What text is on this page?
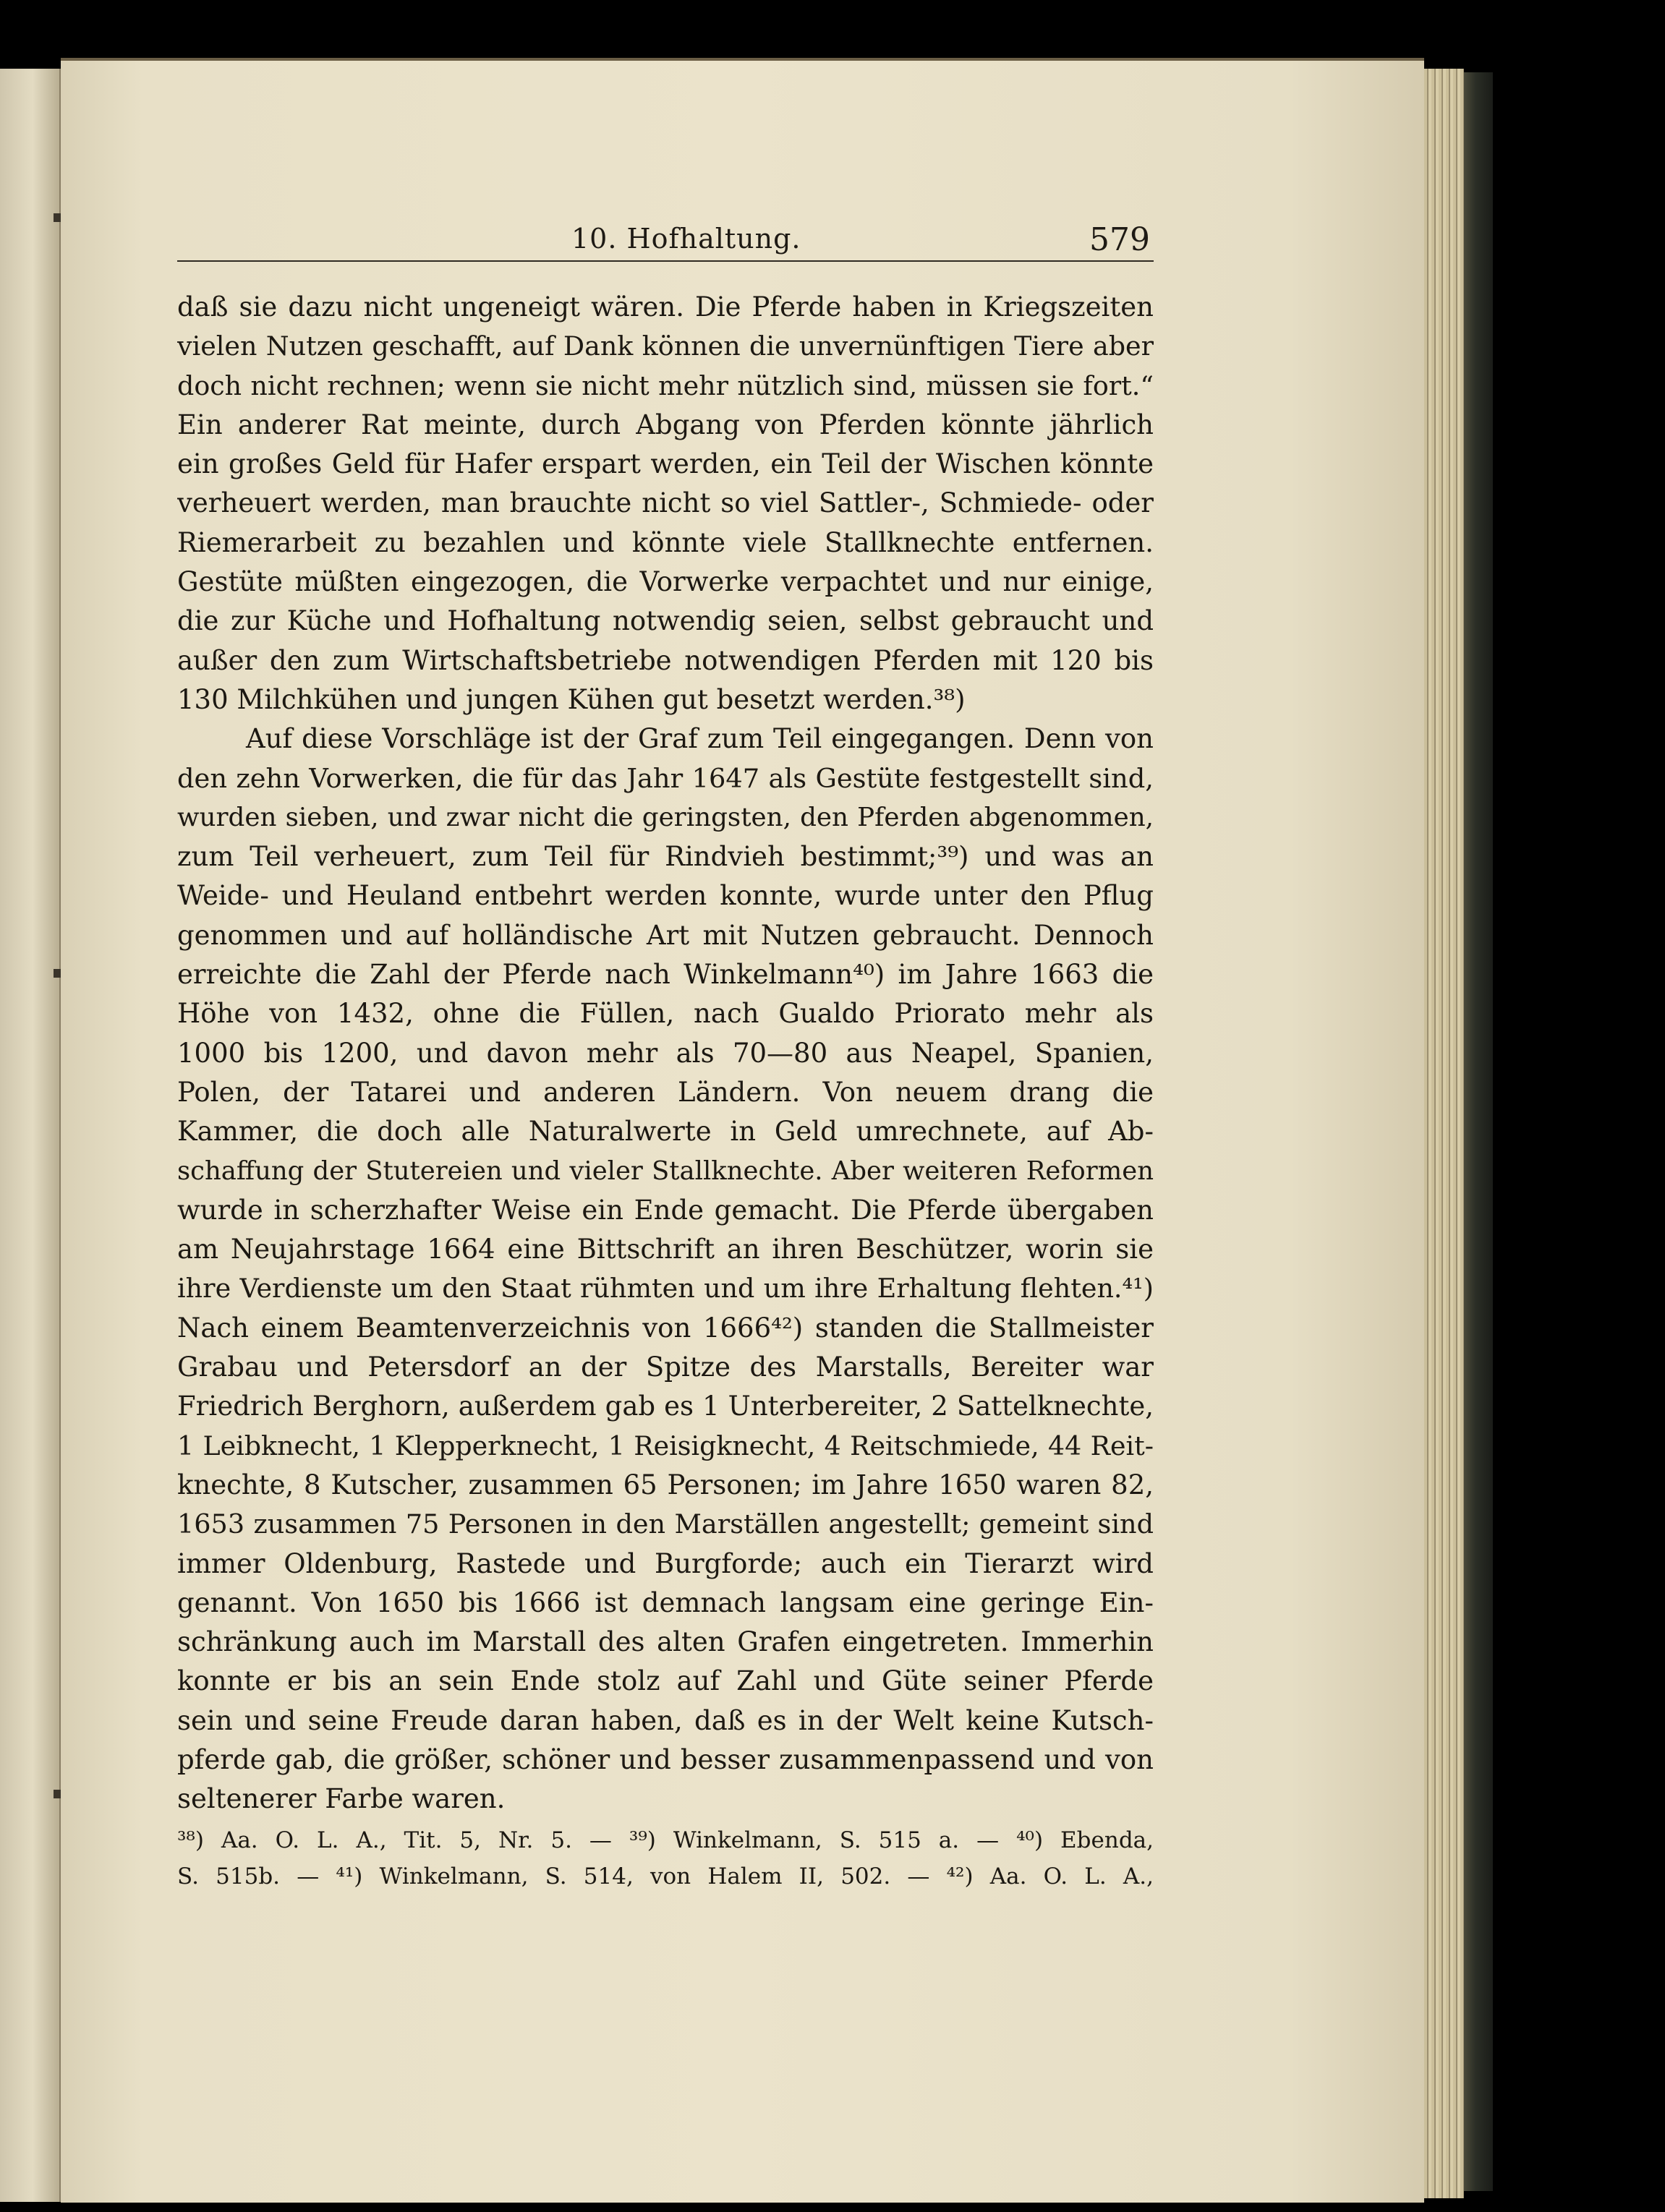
10. Hofhaltung.	579
daß sie dazu nicht ungeneigt wären. Die Pferde haben in Kriegszeiten
vielen Nutzen geschafft, auf Dank können die unvernünftigen Tiere aber
doch nicht rechnen; wenn sie nicht mehr nützlich sind, müssen sie fort.“
Ein anderer Rat meinte, durch Abgang von Pferden könnte jährlich
ein großes Geld für Hafer erspart werden, ein Teil der Wischen könnte
verheuert werden, man brauchte nicht so viel Sattler-, Schmiede- oder
Riemerarbeit zu bezahlen und könnte viele Stallknechte entfernen.
Gestüte müßten eingezogen, die Vorwerke verpachtet und nur einige,
die zur Küche und Hofhaltung notwendig seien, selbst gebraucht und
außer den zum Wirtschaftsbetriebe notwendigen Pferden mit 120 bis
130 Milchkühen und jungen Kühen gut besetzt werden.³⁸)
Auf diese Vorschläge ist der Graf zum Teil eingegangen. Denn von
den zehn Vorwerken, die für das Jahr 1647 als Gestüte festgestellt sind,
wurden sieben, und zwar nicht die geringsten, den Pferden abgenommen,
zum Teil verheuert, zum Teil für Rindvieh bestimmt;³⁹) und was an
Weide- und Heuland entbehrt werden konnte, wurde unter den Pflug
genommen und auf holländische Art mit Nutzen gebraucht. Dennoch
erreichte die Zahl der Pferde nach Winkelmann⁴⁰) im Jahre 1663 die
Höhe von 1432, ohne die Füllen, nach Gualdo Priorato mehr als
1000 bis 1200, und davon mehr als 70—80 aus Neapel, Spanien,
Polen, der Tatarei und anderen Ländern. Von neuem drang die
Kammer, die doch alle Naturalwerte in Geld umrechnete, auf Ab-
schaffung der Stutereien und vieler Stallknechte. Aber weiteren Reformen
wurde in scherzhafter Weise ein Ende gemacht. Die Pferde übergaben
am Neujahrstage 1664 eine Bittschrift an ihren Beschützer, worin sie
ihre Verdienste um den Staat rühmten und um ihre Erhaltung flehten.⁴¹)
Nach einem Beamtenverzeichnis von 1666⁴²) standen die Stallmeister
Grabau und Petersdorf an der Spitze des Marstalls, Bereiter war
Friedrich Berghorn, außerdem gab es 1 Unterbereiter, 2 Sattelknechte,
1 Leibknecht, 1 Klepperknecht, 1 Reisigknecht, 4 Reitschmiede, 44 Reit-
knechte, 8 Kutscher, zusammen 65 Personen; im Jahre 1650 waren 82,
1653 zusammen 75 Personen in den Marställen angestellt; gemeint sind
immer Oldenburg, Rastede und Burgforde; auch ein Tierarzt wird
genannt. Von 1650 bis 1666 ist demnach langsam eine geringe Ein-
schränkung auch im Marstall des alten Grafen eingetreten. Immerhin
konnte er bis an sein Ende stolz auf Zahl und Güte seiner Pferde
sein und seine Freude daran haben, daß es in der Welt keine Kutsch-
pferde gab, die größer, schöner und besser zusammenpassend und von
seltenerer Farbe waren.
³⁸) Aa. O. L. A., Tit. 5, Nr. 5. — ³⁹) Winkelmann, S. 515 a. — ⁴⁰) Ebenda,
S. 515b. — ⁴¹) Winkelmann, S. 514, von Halem II, 502. — ⁴²) Aa. O. L. A.,
